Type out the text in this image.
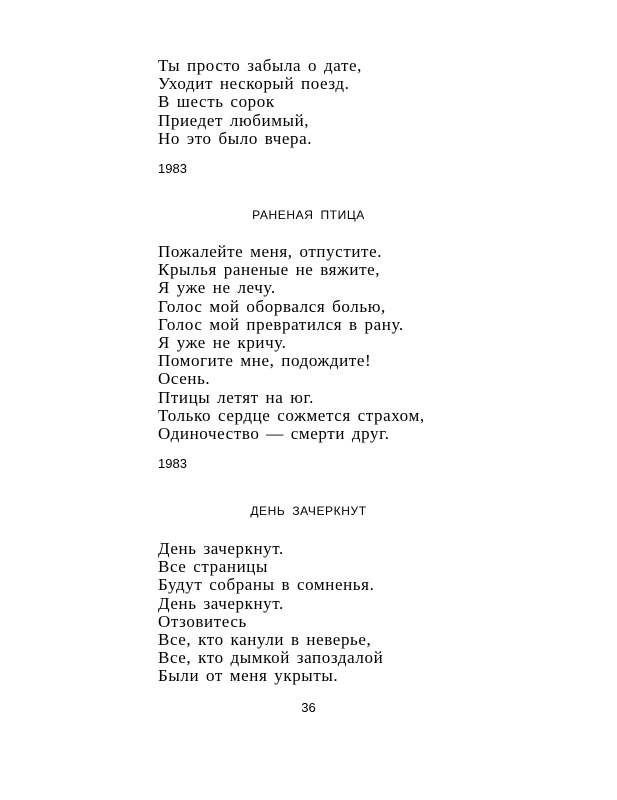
Ты просто забыла о дате,
Уходит нескорый поезд.
В шесть сорок
Приедет любимый,
Но это было вчера.
1983
РАНЕНАЯ ПТИЦА
Пожалейте меня, отпустите.
Крылья раненые не вяжите,
Я уже не лечу.
Голос мой оборвался болью,
Голос мой превратился в рану.
Я уже не кричу.
Помогите мне, подождите!
Осень.
Птицы летят на юг.
Только сердце сожмется страхом,
Одиночество — смерти друг.
1983
ДЕНЬ ЗАЧЕРКНУТ
День зачеркнут.
Все страницы
Будут собраны в сомненья.
День зачеркнут.
Отзовитесь
Все, кто канули в неверье,
Все, кто дымкой запоздалой
Были от меня укрыты.
36
